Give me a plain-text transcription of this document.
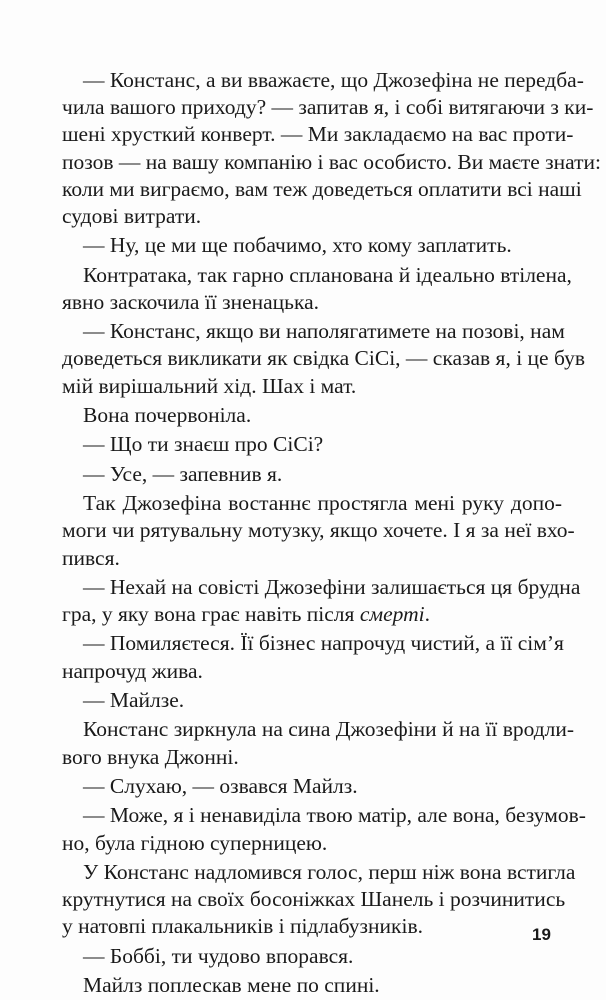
— Констанс, а ви вважаєте, що Джозефіна не передба-
чила вашого приходу? — запитав я, і собі витягаючи з ки-
шені хрусткий конверт. — Ми закладаємо на вас проти-
позов — на вашу компанію і вас особисто. Ви маєте знати:
коли ми виграємо, вам теж доведеться оплатити всі наші
судові витрати.
— Ну, це ми ще побачимо, хто кому заплатить.
Контратака, так гарно спланована й ідеально втілена,
явно заскочила її зненацька.
— Констанс, якщо ви наполягатимете на позові, нам
доведеться викликати як свідка СіСі, — сказав я, і це був
мій вирішальний хід. Шах і мат.
Вона почервоніла.
— Що ти знаєш про СіСі?
— Усе, — запевнив я.
Так Джозефіна востаннє простягла мені руку допо-
моги чи рятувальну мотузку, якщо хочете. І я за неї вхо-
пився.
— Нехай на совісті Джозефіни залишається ця брудна
гра, у яку вона грає навіть після смерті.
— Помиляєтеся. Її бізнес напрочуд чистий, а її сім’я
напрочуд жива.
— Майлзе.
Констанс зиркнула на сина Джозефіни й на її вродли-
вого внука Джонні.
— Слухаю, — озвався Майлз.
— Може, я і ненавиділа твою матір, але вона, безумов-
но, була гідною суперницею.
У Констанс надломився голос, перш ніж вона встигла
крутнутися на своїх босоніжках Шанель і розчинитись
у натовпі плакальників і підлабузників.
— Боббі, ти чудово впорався.
Майлз поплескав мене по спині.
19
